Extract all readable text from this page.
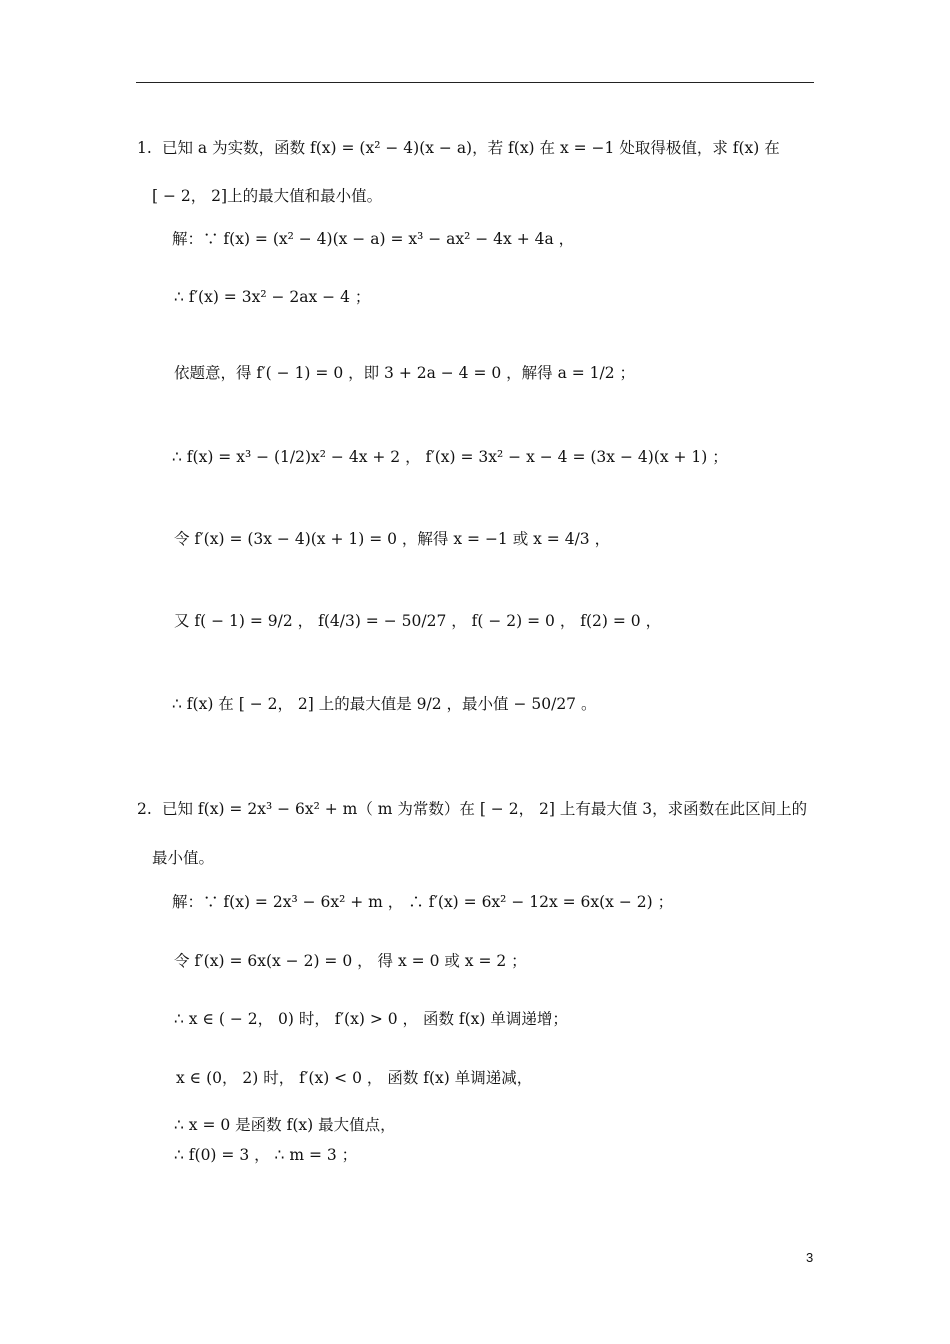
1. 已知 a 为实数，函数 f(x) = (x² − 4)(x − a)，若 f(x) 在 x = −1 处取得极值，求 f(x) 在
[ − 2， 2]上的最大值和最小值。
解：∵ f(x) = (x² − 4)(x − a) = x³ − ax² − 4x + 4a ，
∴ f′(x) = 3x² − 2ax − 4 ；
依题意，得 f′( − 1) = 0 ，即 3 + 2a − 4 = 0 ，解得 a = 1/2 ；
∴ f(x) = x³ − (1/2)x² − 4x + 2 ， f′(x) = 3x² − x − 4 = (3x − 4)(x + 1) ；
令 f′(x) = (3x − 4)(x + 1) = 0 ，解得 x = −1 或 x = 4/3 ，
又 f( − 1) = 9/2 ， f(4/3) = − 50/27 ， f( − 2) = 0 ， f(2) = 0 ，
∴ f(x) 在 [ − 2， 2] 上的最大值是 9/2 ，最小值 − 50/27 。
2. 已知 f(x) = 2x³ − 6x² + m（ m 为常数）在 [ − 2， 2] 上有最大值 3，求函数在此区间上的
最小值。
解：∵ f(x) = 2x³ − 6x² + m ， ∴ f′(x) = 6x² − 12x = 6x(x − 2) ；
令 f′(x) = 6x(x − 2) = 0 ， 得 x = 0 或 x = 2 ；
∴ x ∈ ( − 2， 0) 时， f′(x) > 0 ， 函数 f(x) 单调递增；
x ∈ (0， 2) 时， f′(x) < 0 ， 函数 f(x) 单调递减，
∴ x = 0 是函数 f(x) 最大值点，
∴ f(0) = 3 ， ∴ m = 3 ；
3
